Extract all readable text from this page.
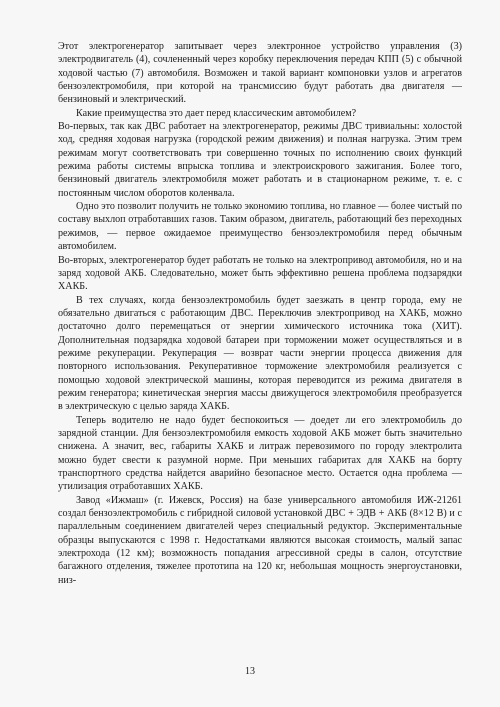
Этот электрогенератор запитывает через электронное устройство управления (3) электродвигатель (4), сочлененный через коробку переключения передач КПП (5) с обычной ходовой частью (7) автомобиля. Возможен и такой вариант компоновки узлов и агрегатов бензоэлектромобиля, при которой на трансмиссию будут работать два двигателя — бензиновый и электрический.

Какие преимущества это дает перед классическим автомобилем?

Во-первых, так как ДВС работает на электрогенератор, режимы ДВС тривиальны: холостой ход, средняя ходовая нагрузка (городской режим движения) и полная нагрузка. Этим трем режимам могут соответствовать три совершенно точных по исполнению своих функций режима работы системы впрыска топлива и электроискрового зажигания. Более того, бензиновый двигатель электромобиля может работать и в стационарном режиме, т. е. с постоянным числом оборотов коленвала.

Одно это позволит получить не только экономию топлива, но главное — более чистый по составу выхлоп отработавших газов. Таким образом, двигатель, работающий без переходных режимов, — первое ожидаемое преимущество бензоэлектромобиля перед обычным автомобилем.

Во-вторых, электрогенератор будет работать не только на электропривод автомобиля, но и на заряд ходовой АКБ. Следовательно, может быть эффективно решена проблема подзарядки ХАКБ.

В тех случаях, когда бензоэлектромобиль будет заезжать в центр города, ему не обязательно двигаться с работающим ДВС. Переключив электропривод на ХАКБ, можно достаточно долго перемещаться от энергии химического источника тока (ХИТ). Дополнительная подзарядка ходовой батареи при торможении может осуществляться и в режиме рекуперации. Рекуперация — возврат части энергии процесса движения для повторного использования. Рекуперативное торможение электромобиля реализуется с помощью ходовой электрической машины, которая переводится из режима двигателя в режим генератора; кинетическая энергия массы движущегося электромобиля преобразуется в электрическую с целью заряда ХАКБ.

Теперь водителю не надо будет беспокоиться — доедет ли его электромобиль до зарядной станции. Для бензоэлектромобиля емкость ходовой АКБ может быть значительно снижена. А значит, вес, габариты ХАКБ и литраж перевозимого по городу электролита можно будет свести к разумной норме. При меньших габаритах для ХАКБ на борту транспортного средства найдется аварийно безопасное место. Остается одна проблема — утилизация отработавших ХАКБ.

Завод «Ижмаш» (г. Ижевск, Россия) на базе универсального автомобиля ИЖ-21261 создал бензоэлектромобиль с гибридной силовой установкой ДВС + ЭДВ + АКБ (8×12 В) и с параллельным соединением двигателей через специальный редуктор. Экспериментальные образцы выпускаются с 1998 г. Недостатками являются высокая стоимость, малый запас электрохода (12 км); возможность попадания агрессивной среды в салон, отсутствие багажного отделения, тяжелее прототипа на 120 кг, небольшая мощность энергоустановки, низ-

13
